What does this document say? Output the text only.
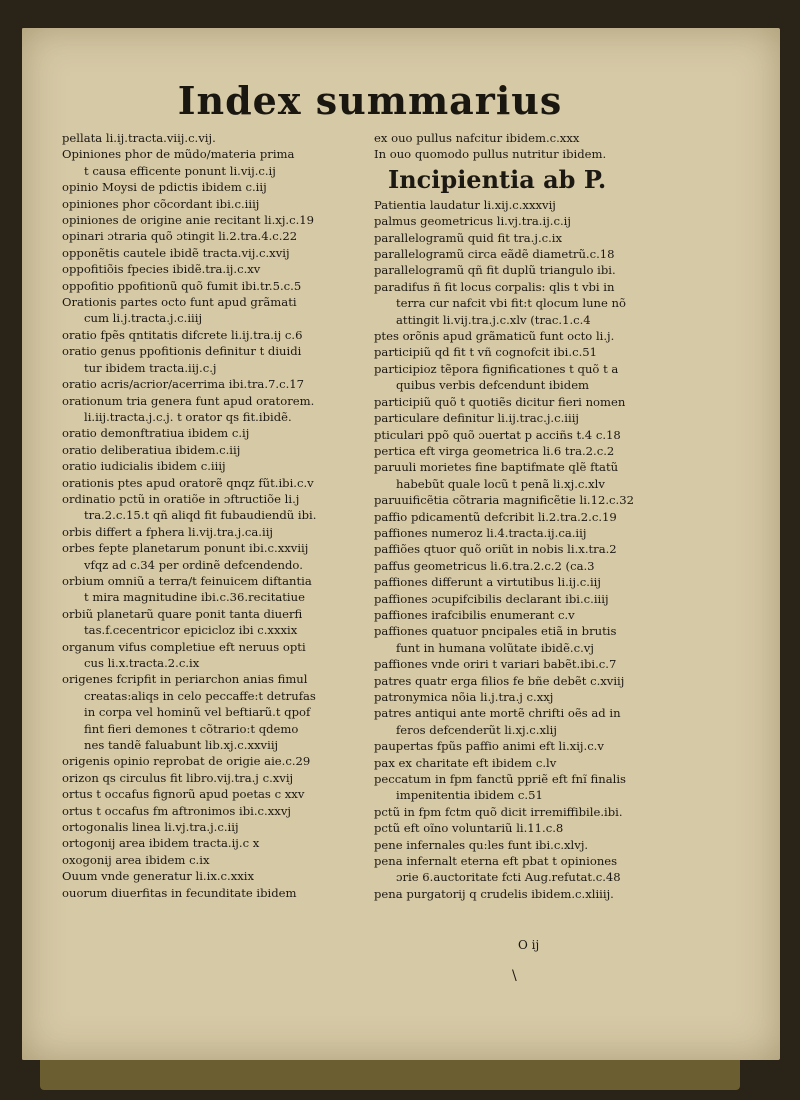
Index summarius
pellata li.ij.tracta.viij.c.vij.
Opiniones phor de mũdo/materia prima
t causa efficente ponunt li.vij.c.ij
opinio Moysi de pdictis ibidem c.iij
opiniones phor cõcordant ibi.c.iiij
opiniones de origine anie recitant li.xj.c.19
opinari ɔtraria quõ ɔtingit li.2.tra.4.c.22
opponẽtis cautele ibidẽ tracta.vij.c.xvij
oppofitiõis fpecies ibidẽ.tra.ij.c.xv
oppofitio ppofitionũ quõ fumit ibi.tr.5.c.5
Orationis partes octo funt apud grãmati
cum li.j.tracta.j.c.iiij
oratio fpẽs qntitatis difcrete li.ij.tra.ij c.6
oratio genus ppofitionis definitur t diuidi
tur ibidem tracta.iij.c.j
oratio acris/acrior/acerrima ibi.tra.7.c.17
orationum tria genera funt apud oratorem.
li.iij.tracta.j.c.j. t orator qs fit.ibidẽ.
oratio demonftratiua ibidem c.ij
oratio deliberatiua ibidem.c.iij
oratio iudicialis ibidem c.iiij
orationis ptes apud oratorẽ qnqz fũt.ibi.c.v
ordinatio pctũ in oratiõe in ɔftructiõe li.j
tra.2.c.15.t qñ aliqd fit fubaudiendũ ibi.
orbis differt a fphera li.vij.tra.j.ca.iij
orbes fepte planetarum ponunt ibi.c.xxviij
vfqz ad c.34 per ordinẽ defcendendo.
orbium omniũ a terra/t feinuicem diftantia
t mira magnitudine ibi.c.36.recitatiue
orbiũ planetarũ quare ponit tanta diuerfi
tas.f.cecentricor epicicloz ibi c.xxxix
organum vifus completiue eft neruus opti
cus li.x.tracta.2.c.ix
origenes fcripfit in periarchon anias fimul
creatas:aliqs in celo peccaffe:t detrufas
in corpa vel hominũ vel beftiarũ.t qpof
fint fieri demones t cõtrario:t qdemo
nes tandẽ faluabunt lib.xj.c.xxviij
origenis opinio reprobat de origie aie.c.29
orizon qs circulus fit libro.vij.tra.j c.xvij
ortus t occafus fignorũ apud poetas c xxv
ortus t occafus fm aftronimos ibi.c.xxvj
ortogonalis linea li.vj.tra.j.c.iij
ortogonij area ibidem tracta.ij.c x
oxogonij area ibidem c.ix
Ouum vnde generatur li.ix.c.xxix
ouorum diuerfitas in fecunditate ibidem
ex ouo pullus nafcitur ibidem.c.xxx
In ouo quomodo pullus nutritur ibidem.
Incipientia ab P.
Patientia laudatur li.xij.c.xxxvij
palmus geometricus li.vj.tra.ij.c.ij
parallelogramũ quid fit tra.j.c.ix
parallelogramũ circa eãdẽ diametrũ.c.18
parallelogramũ qñ fit duplũ triangulo ibi.
paradifus ñ fit locus corpalis: qlis t vbi in
terra cur nafcit vbi fit:t qlocum lune nõ
attingit li.vij.tra.j.c.xlv (trac.1.c.4
ptes orõnis apud grãmaticũ funt octo li.j.
participiũ qd fit t vñ cognofcit ibi.c.51
participioz tẽpora fignificationes t quõ t a
quibus verbis defcendunt ibidem
participiũ quõ t quotiẽs dicitur fieri nomen
particulare definitur li.ij.trac.j.c.iiij
pticulari ppõ quõ ɔuertat p acciñs t.4 c.18
pertica eft virga geometrica li.6 tra.2.c.2
paruuli morietes fine baptifmate qlẽ ftatũ
habebũt quale locũ t penã li.xj.c.xlv
paruuificẽtia cõtraria magnificẽtie li.12.c.32
paffio pdicamentũ defcribit li.2.tra.2.c.19
paffiones numeroz li.4.tracta.ij.ca.iij
paffiões qtuor quõ oriũt in nobis li.x.tra.2
paffus geometricus li.6.tra.2.c.2 (ca.3
paffiones differunt a virtutibus li.ij.c.iij
paffiones ɔcupifcibilis declarant ibi.c.iiij
paffiones irafcibilis enumerant c.v
paffiones quatuor pncipales etiã in brutis
funt in humana volũtate ibidẽ.c.vj
paffiones vnde oriri t variari babẽt.ibi.c.7
patres quatr erga filios fe bñe debẽt c.xviij
patronymica nõia li.j.tra.j c.xxj
patres antiqui ante mortẽ chrifti oẽs ad in
feros defcenderũt li.xj.c.xlij
paupertas fpũs paffio animi eft li.xij.c.v
pax ex charitate eft ibidem c.lv
peccatum in fpm fanctũ ppriẽ eft fnĩ finalis
impenitentia ibidem c.51
pctũ in fpm fctm quõ dicit irremiffibile.ibi.
pctũ eft oĩno voluntariũ li.11.c.8
pene infernales qu:les funt ibi.c.xlvj.
pena infernalt eterna eft pbat t opiniones
ɔrie 6.auctoritate fcti Aug.refutat.c.48
pena purgatorij q crudelis ibidem.c.xliiij.
O ij
\
